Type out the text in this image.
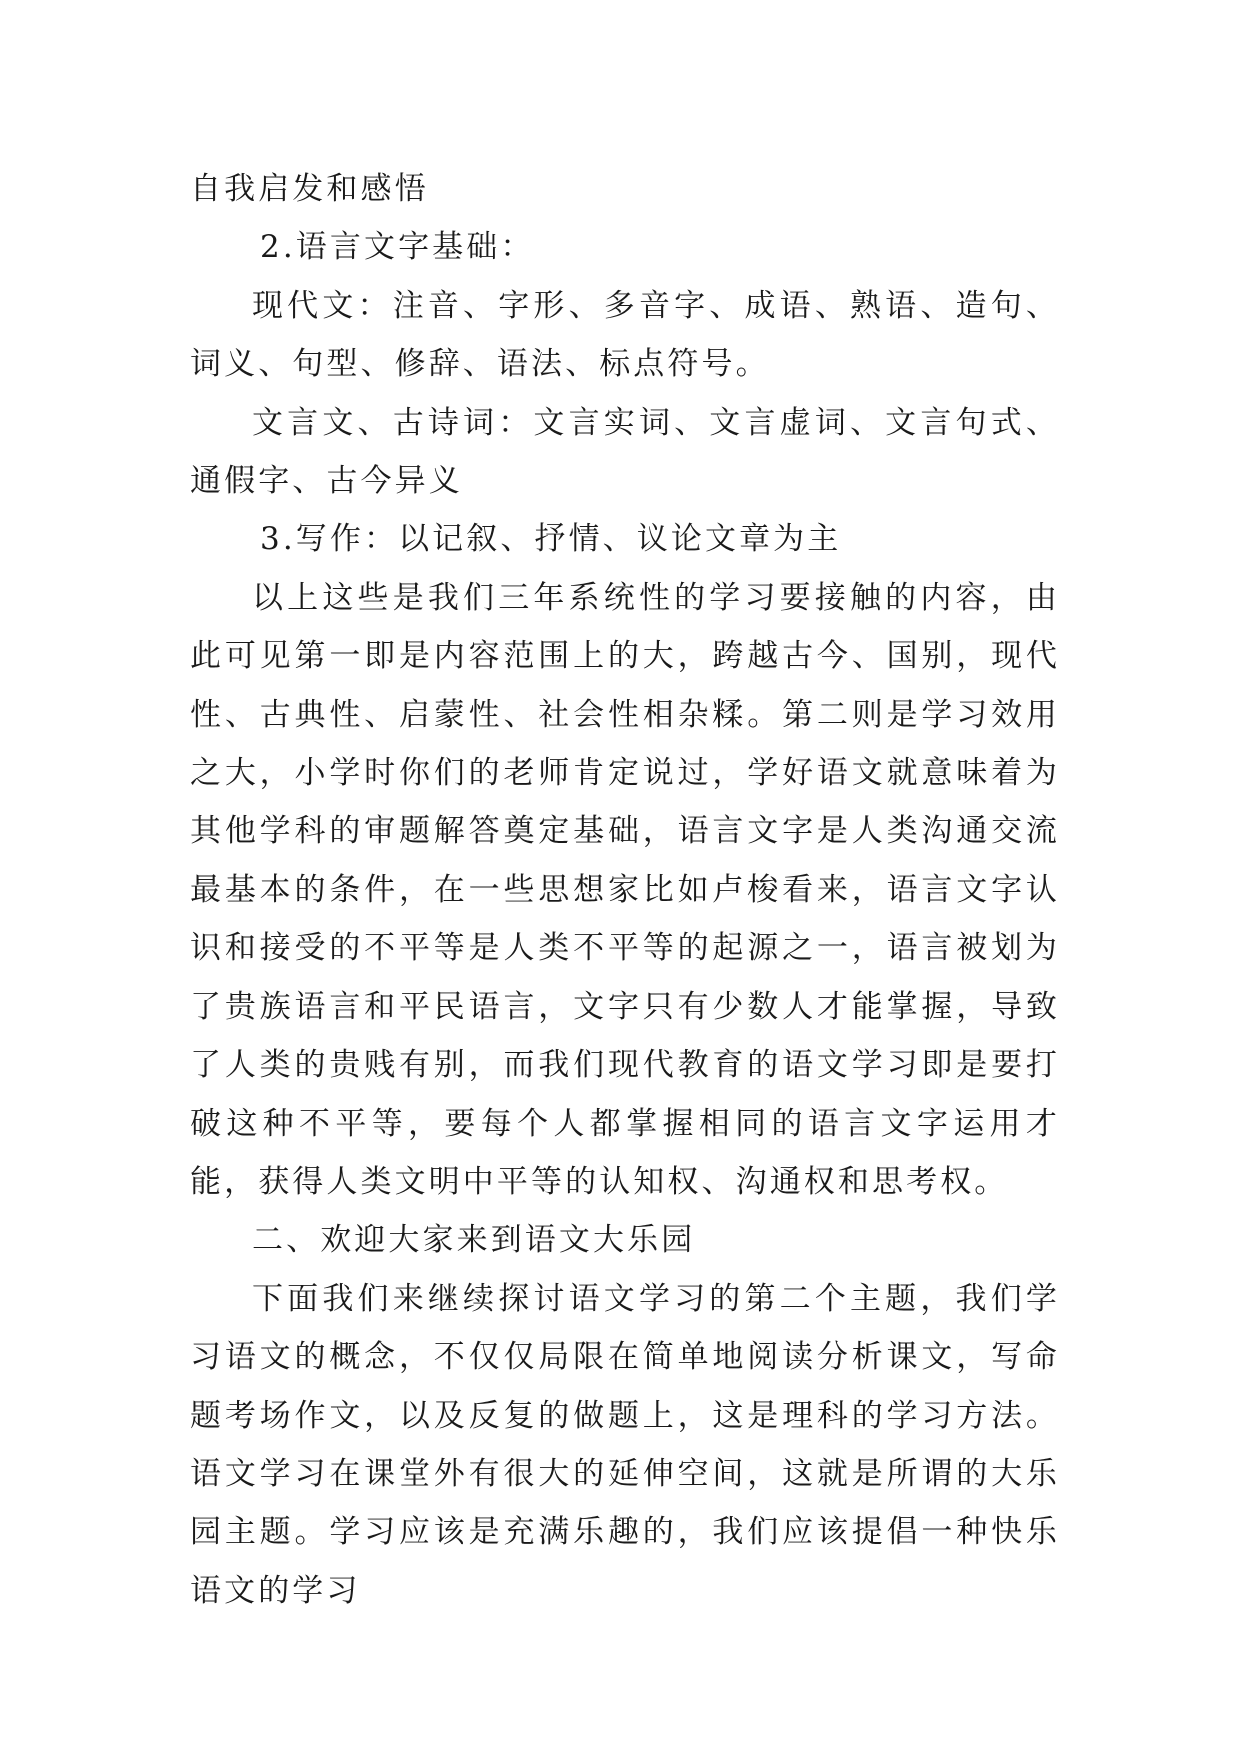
自我启发和感悟

2.语言文字基础：

现代文：注音、字形、多音字、成语、熟语、造句、词义、句型、修辞、语法、标点符号。

文言文、古诗词：文言实词、文言虚词、文言句式、通假字、古今异义

3.写作：以记叙、抒情、议论文章为主

以上这些是我们三年系统性的学习要接触的内容，由此可见第一即是内容范围上的大，跨越古今、国别，现代性、古典性、启蒙性、社会性相杂糅。第二则是学习效用之大，小学时你们的老师肯定说过，学好语文就意味着为其他学科的审题解答奠定基础，语言文字是人类沟通交流最基本的条件，在一些思想家比如卢梭看来，语言文字认识和接受的不平等是人类不平等的起源之一，语言被划为了贵族语言和平民语言，文字只有少数人才能掌握，导致了人类的贵贱有别，而我们现代教育的语文学习即是要打破这种不平等，要每个人都掌握相同的语言文字运用才能，获得人类文明中平等的认知权、沟通权和思考权。

二、欢迎大家来到语文大乐园

下面我们来继续探讨语文学习的第二个主题，我们学习语文的概念，不仅仅局限在简单地阅读分析课文，写命题考场作文，以及反复的做题上，这是理科的学习方法。语文学习在课堂外有很大的延伸空间，这就是所谓的大乐园主题。学习应该是充满乐趣的，我们应该提倡一种快乐语文的学习
